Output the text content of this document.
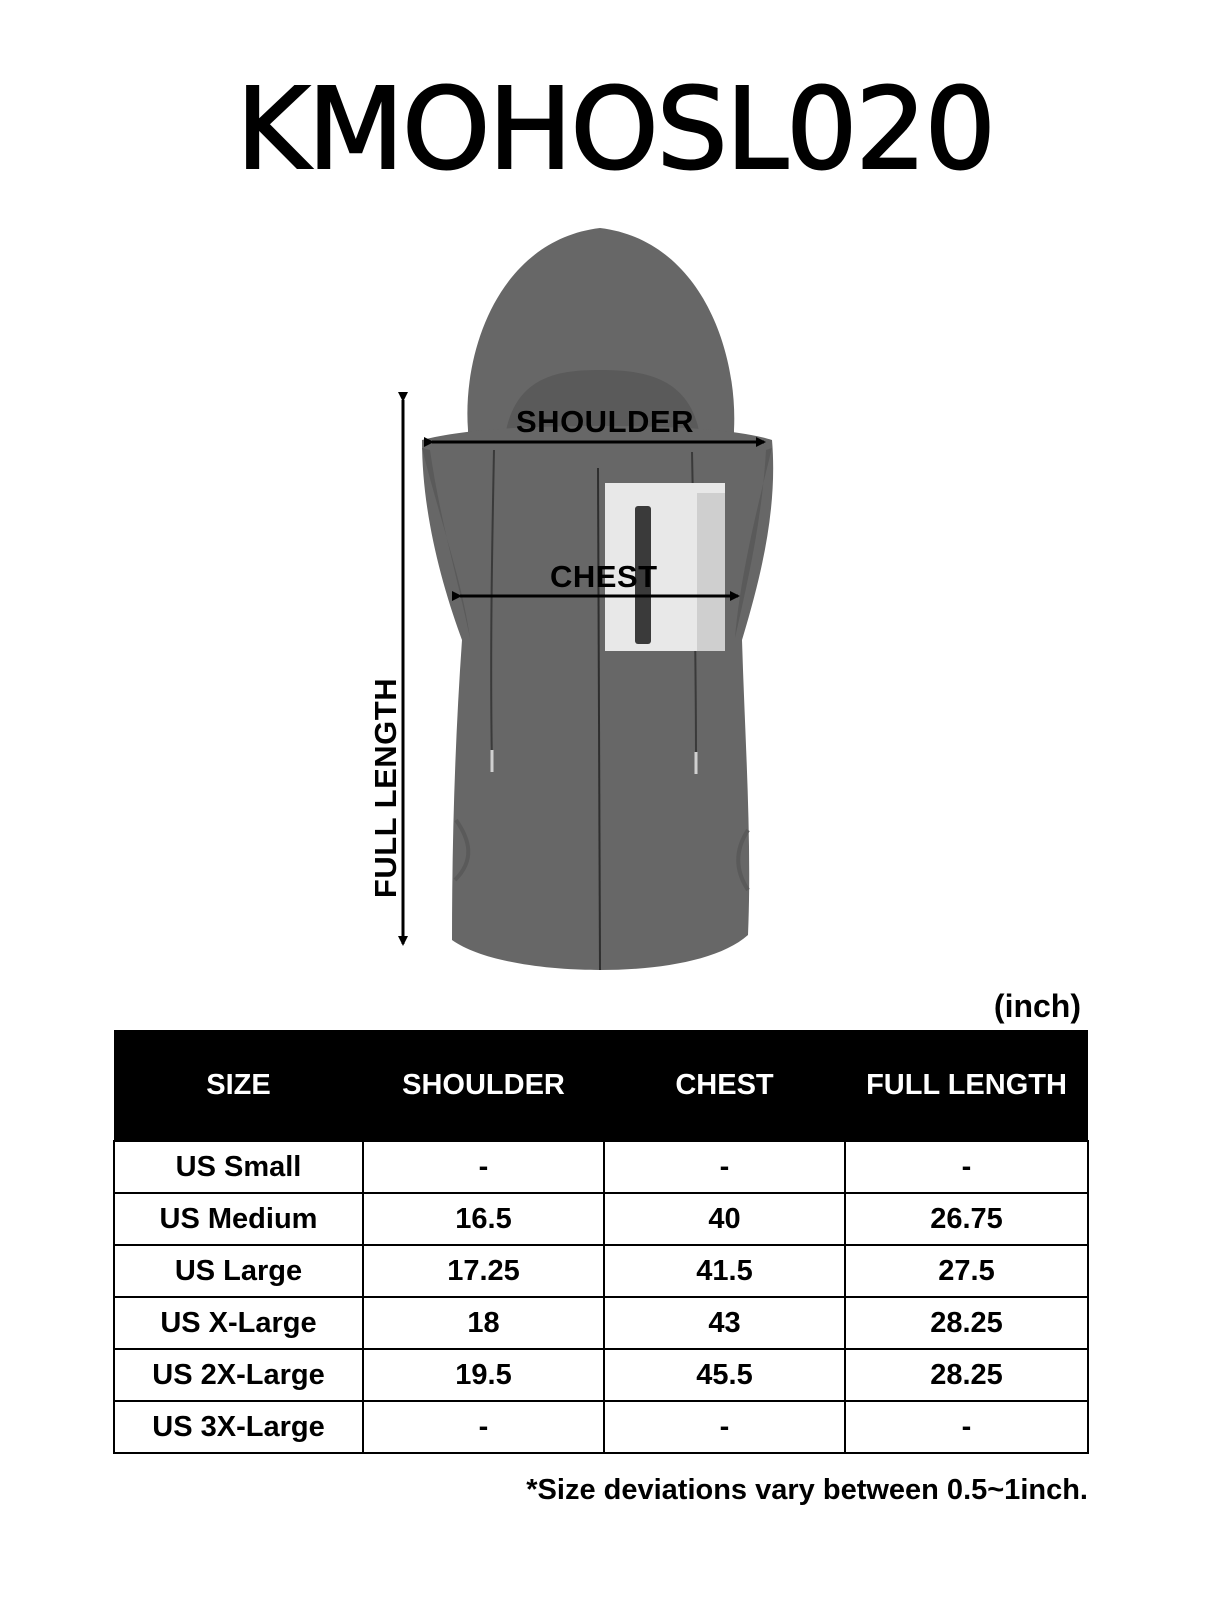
KMOHOSL020
SHOULDER
CHEST
FULL LENGTH
(inch)
SIZE	SHOULDER	CHEST	FULL LENGTH
US Small	-	-	-
US Medium	16.5	40	26.75
US Large	17.25	41.5	27.5
US X-Large	18	43	28.25
US 2X-Large	19.5	45.5	28.25
US 3X-Large	-	-	-
*Size deviations vary between 0.5~1inch.
